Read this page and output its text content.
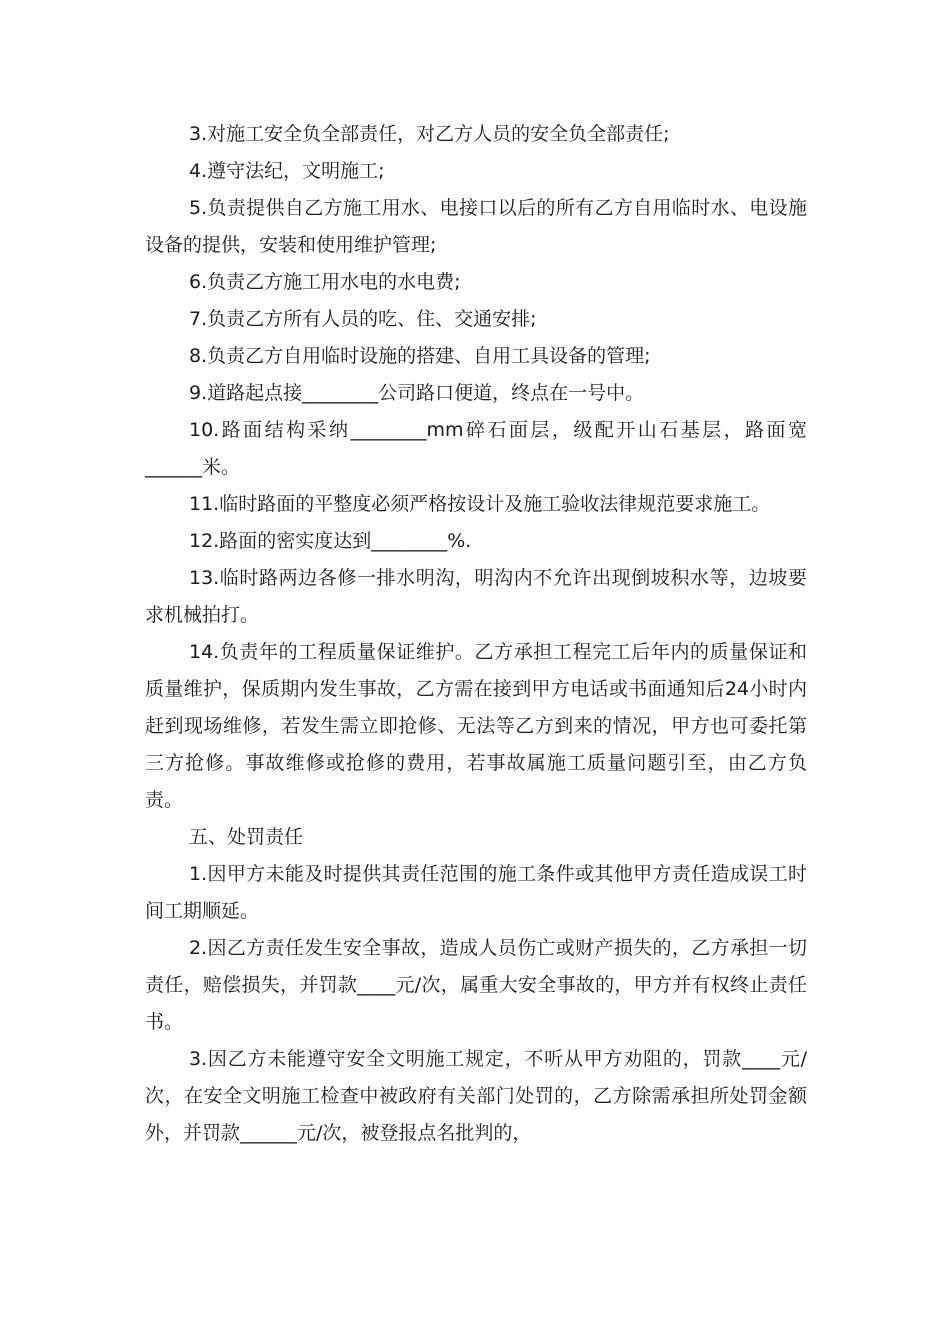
3.对施工安全负全部责任，对乙方人员的安全负全部责任;

4.遵守法纪，文明施工;

5.负责提供自乙方施工用水、电接口以后的所有乙方自用临时水、电设施设备的提供，安装和使用维护管理;

6.负责乙方施工用水电的水电费;

7.负责乙方所有人员的吃、住、交通安排;

8.负责乙方自用临时设施的搭建、自用工具设备的管理;

9.道路起点接________公司路口便道，终点在一号中。

10.路面结构采纳________mm碎石面层，级配开山石基层，路面宽______米。

11.临时路面的平整度必须严格按设计及施工验收法律规范要求施工。

12.路面的密实度达到________%.

13.临时路两边各修一排水明沟，明沟内不允许出现倒坡积水等，边坡要求机械拍打。

14.负责年的工程质量保证维护。乙方承担工程完工后年内的质量保证和质量维护，保质期内发生事故，乙方需在接到甲方电话或书面通知后24小时内赶到现场维修，若发生需立即抢修、无法等乙方到来的情况，甲方也可委托第三方抢修。事故维修或抢修的费用，若事故属施工质量问题引至，由乙方负责。

五、处罚责任

1.因甲方未能及时提供其责任范围的施工条件或其他甲方责任造成误工时间工期顺延。

2.因乙方责任发生安全事故，造成人员伤亡或财产损失的，乙方承担一切责任，赔偿损失，并罚款____元/次，属重大安全事故的，甲方并有权终止责任书。

3.因乙方未能遵守安全文明施工规定，不听从甲方劝阻的，罚款____元/次，在安全文明施工检查中被政府有关部门处罚的，乙方除需承担所处罚金额外，并罚款______元/次，被登报点名批判的，
